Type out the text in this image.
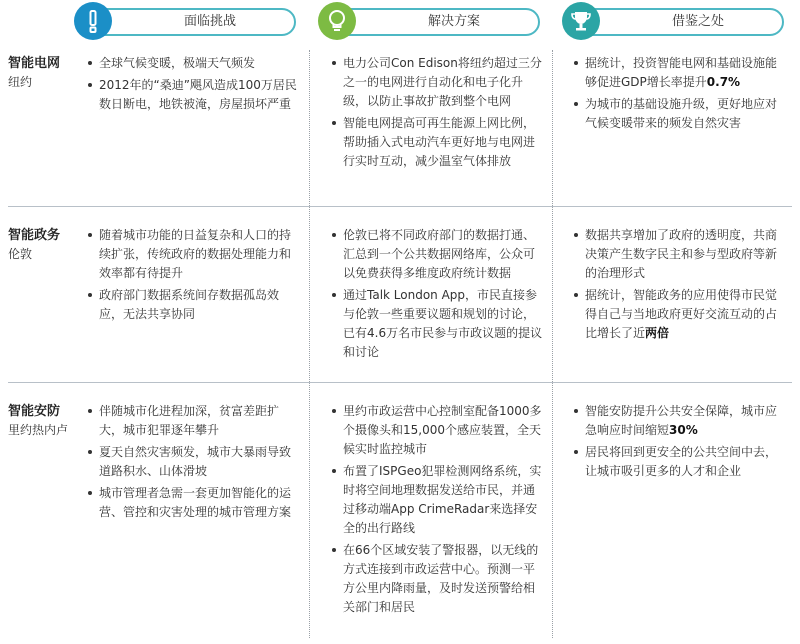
面临挑战	解决方案	借鉴之处
智能电网
纽约
全球气候变暖，极端天气频发
2012年的“桑迪”飓风造成100万居民数日断电，地铁被淹，房屋损坏严重
电力公司Con Edison将纽约超过三分之一的电网进行自动化和电子化升级，以防止事故扩散到整个电网
智能电网提高可再生能源上网比例，帮助插入式电动汽车更好地与电网进行实时互动，减少温室气体排放
据统计，投资智能电网和基础设施能够促进GDP增长率提升0.7%
为城市的基础设施升级，更好地应对气候变暖带来的频发自然灾害
智能政务
伦敦
随着城市功能的日益复杂和人口的持续扩张，传统政府的数据处理能力和效率都有待提升
政府部门数据系统间存数据孤岛效应，无法共享协同
伦敦已将不同政府部门的数据打通、汇总到一个公共数据网络库，公众可以免费获得多维度政府统计数据
通过Talk London App，市民直接参与伦敦一些重要议题和规划的讨论，已有4.6万名市民参与市政议题的提议和讨论
数据共享增加了政府的透明度，共商决策产生数字民主和参与型政府等新的治理形式
据统计，智能政务的应用使得市民觉得自己与当地政府更好交流互动的占比增长了近两倍
智能安防
里约热内卢
伴随城市化进程加深，贫富差距扩大，城市犯罪逐年攀升
夏天自然灾害频发，城市大暴雨导致道路积水、山体滑坡
城市管理者急需一套更加智能化的运营、管控和灾害处理的城市管理方案
里约市政运营中心控制室配备1000多个摄像头和15,000个感应装置，全天候实时监控城市
布置了ISPGeo犯罪检测网络系统，实时将空间地理数据发送给市民，并通过移动端App CrimeRadar来选择安全的出行路线
在66个区域安装了警报器，以无线的方式连接到市政运营中心。预测一平方公里内降雨量，及时发送预警给相关部门和居民
智能安防提升公共安全保障，城市应急响应时间缩短30%
居民将回到更安全的公共空间中去，让城市吸引更多的人才和企业
